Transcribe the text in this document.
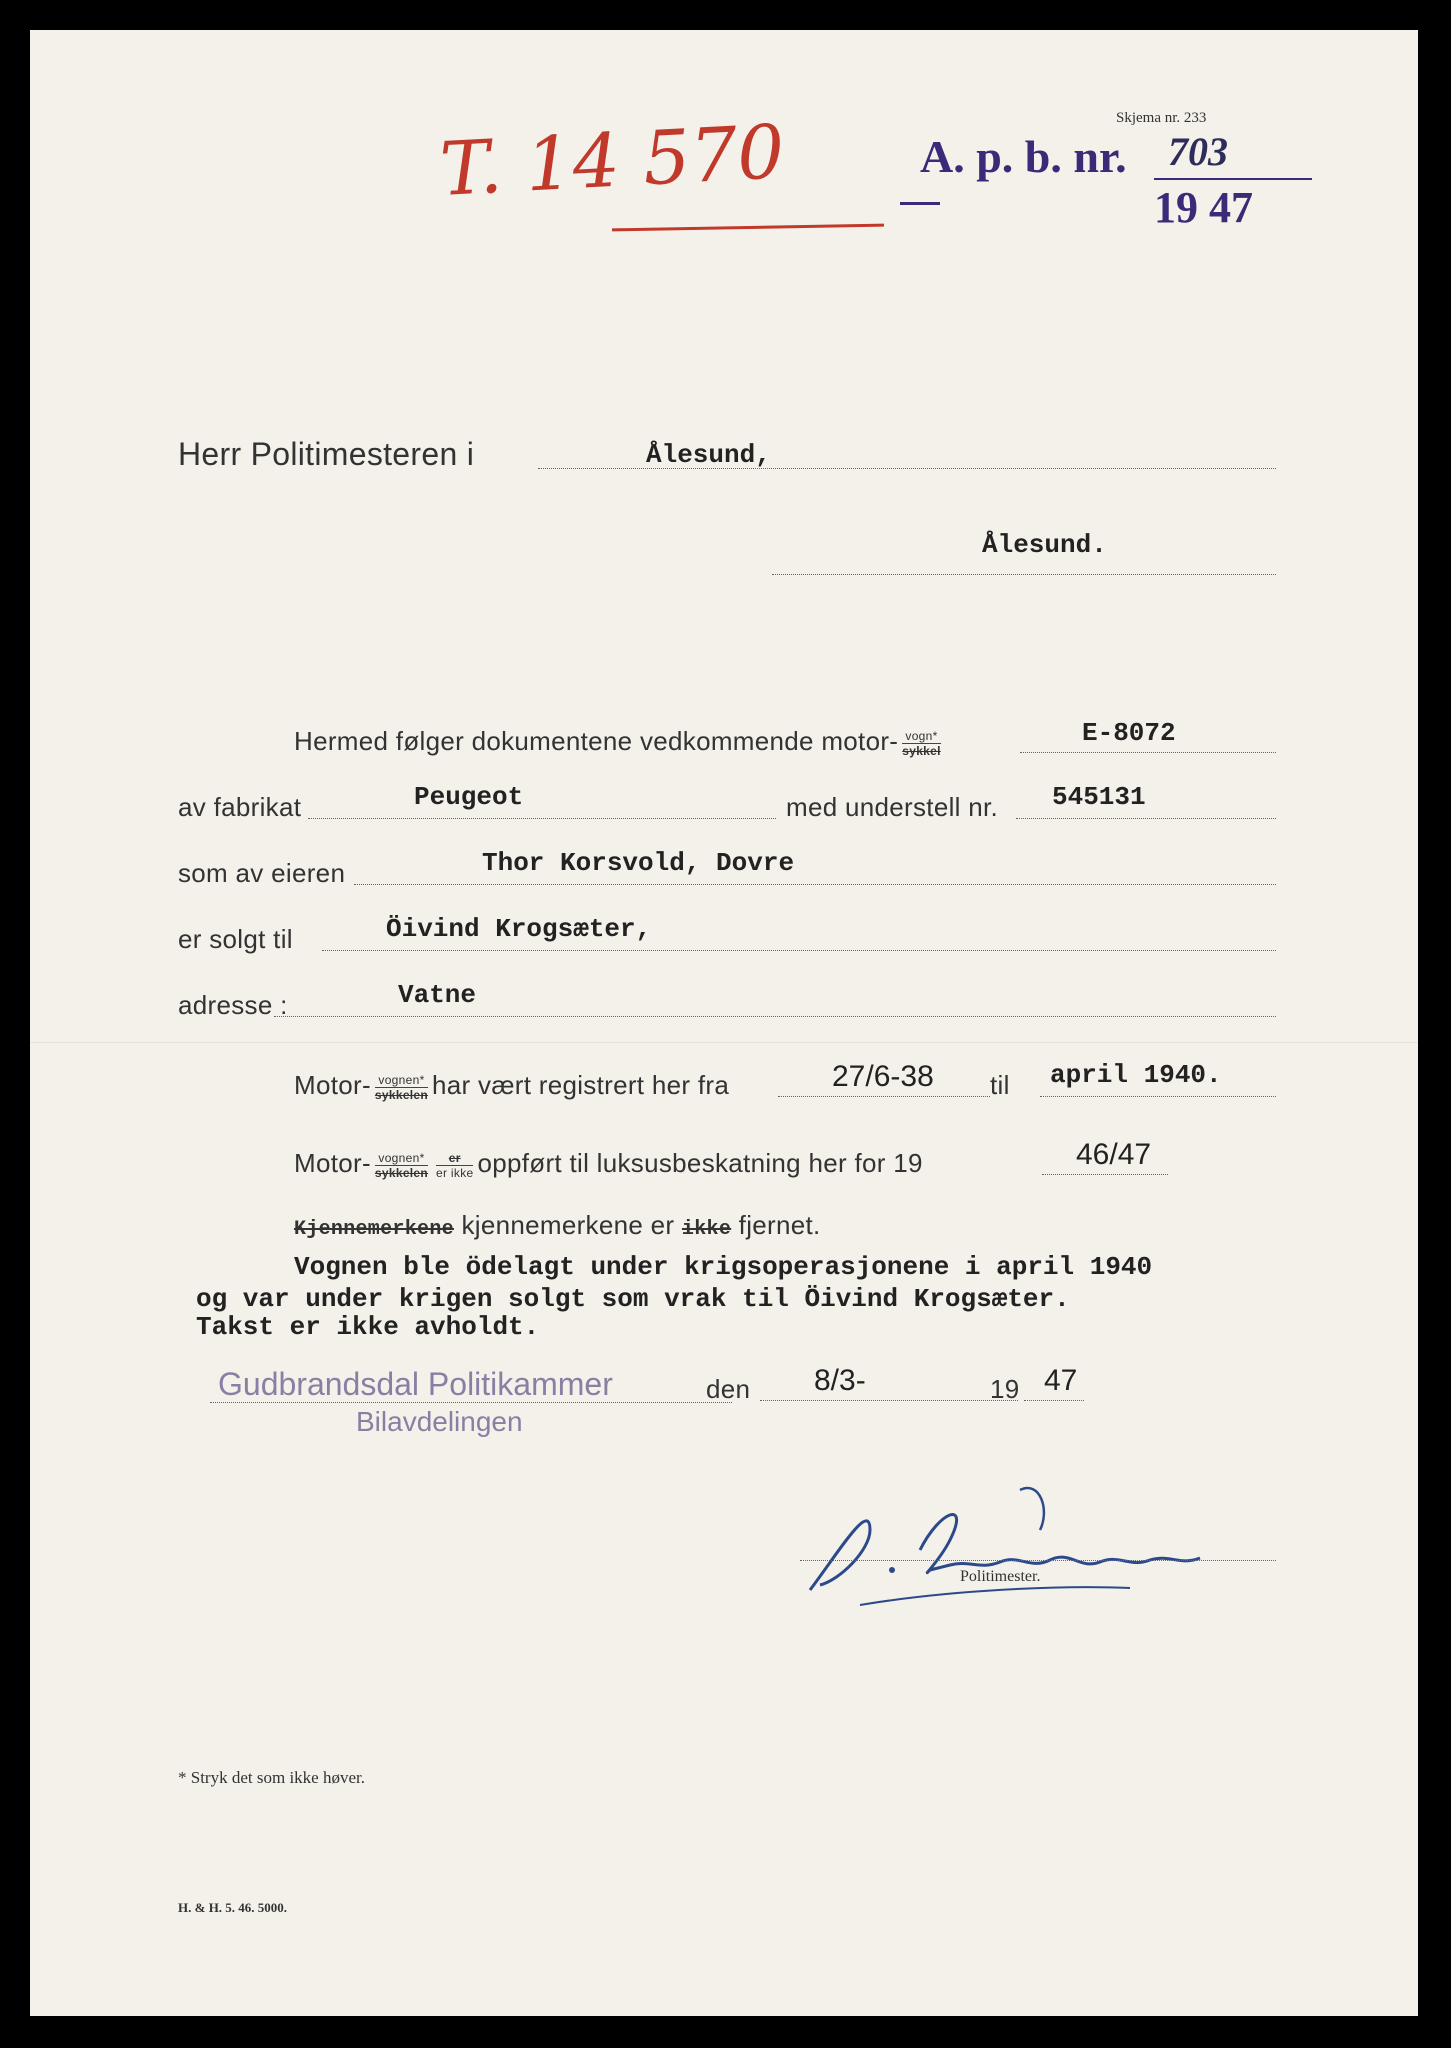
T. 14 570	Skjema nr. 233
A. p. b. nr. 703
19 47
Herr Politimesteren i	Ålesund,
Ålesund.
Hermed følger dokumentene vedkommende motor- $\frac{\text{vogn*}}{\text{sykkel}}$	E-8072
av fabrikat	Peugeot	med understell nr. 545131
som av eieren	Thor Korsvold, Dovre
er solgt til	Öivind Krogsæter,
adresse :	Vatne
Motor- $\frac{\text{vognen*}}{\text{sykkelen}}$ har vært registrert her fra	27/6-38 til april 1940.
Motor- $\frac{\text{vognen*}}{\text{sykkelen}} \frac{er}{\text{er ikke}}$ oppført til luksusbeskatning her for 19	46/47
Kjennemerkene kjennemerkene er ikke fjernet.
Vognen ble ödelagt under krigsoperasjonene i april 1940
og var under krigen solgt som vrak til Öivind Krogsæter.
Takst er ikke avholdt.
Gudbrandsdal Politikammer
Bilavdelingen
den 8/3-	19 47
Politimester.
* Stryk det som ikke høver.
H. & H. 5. 46. 5000.
